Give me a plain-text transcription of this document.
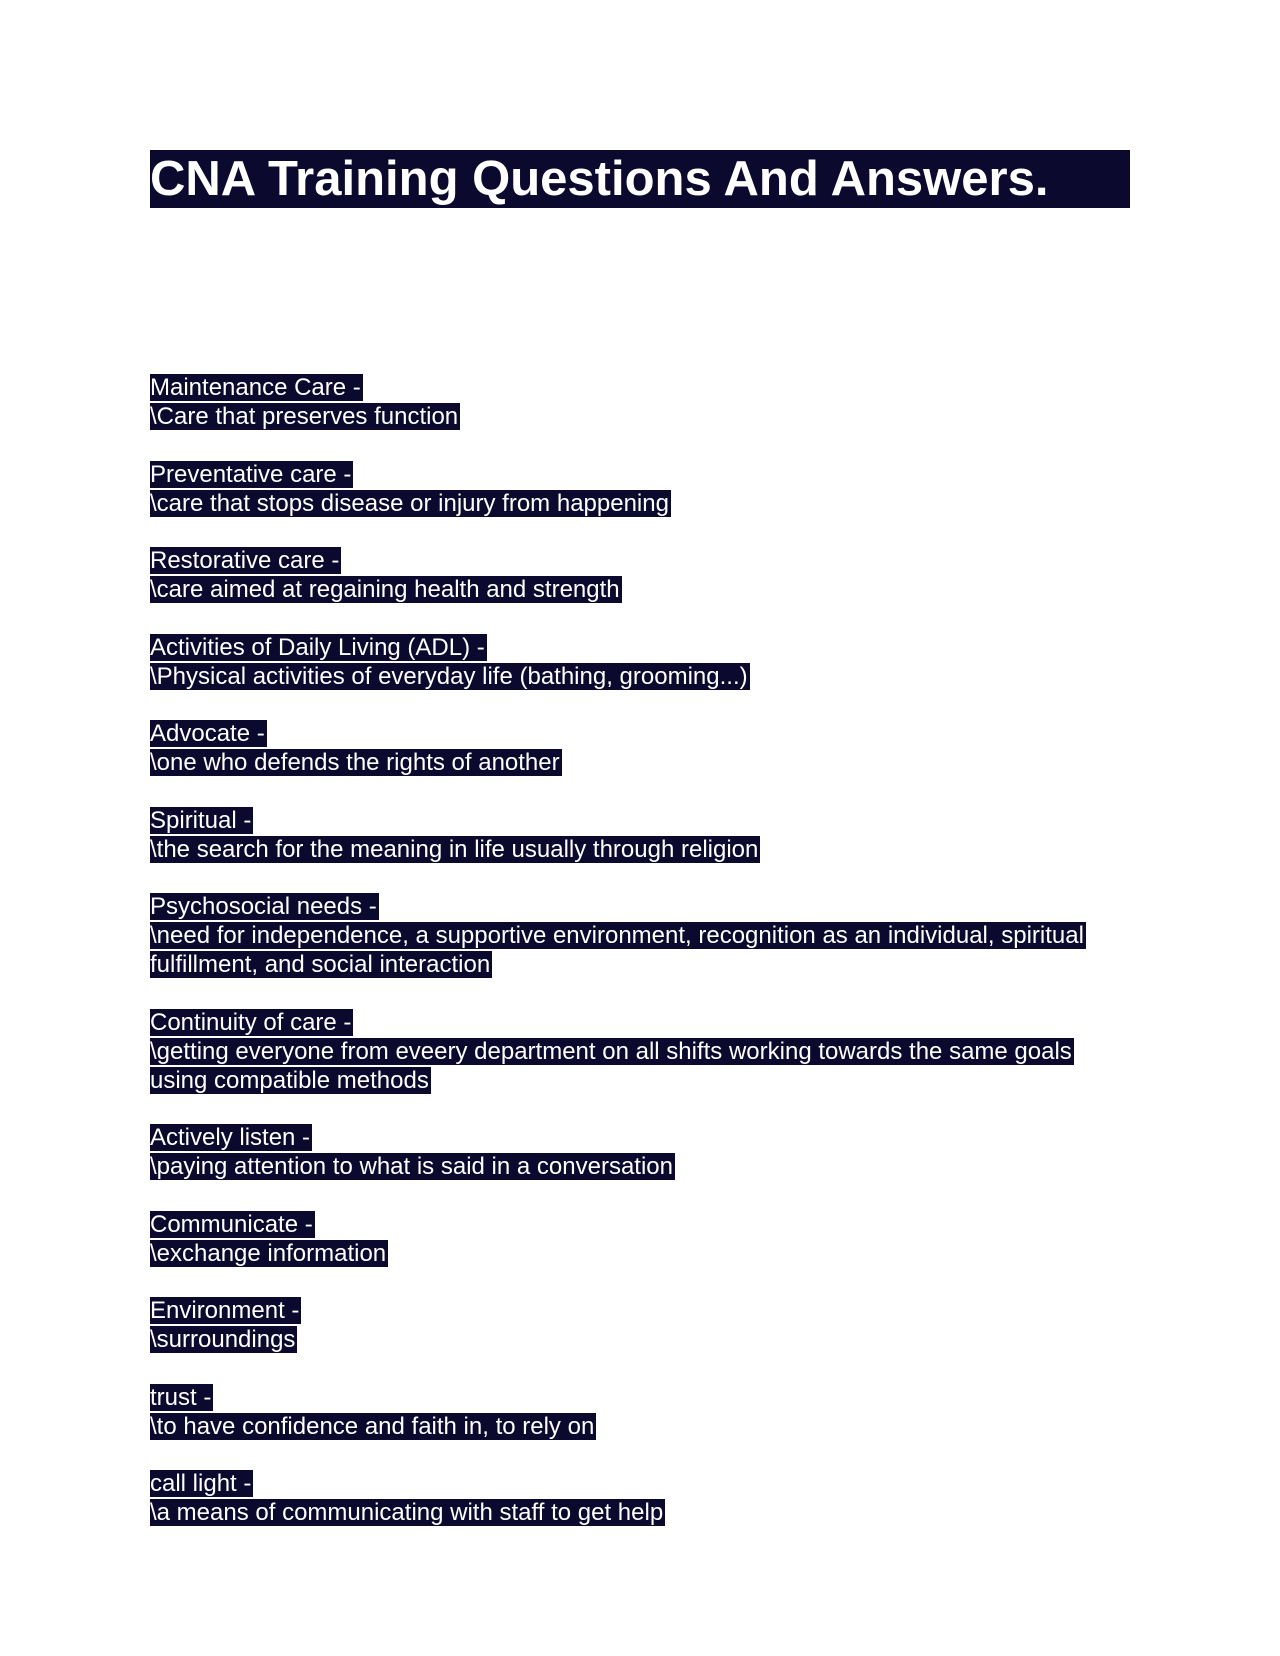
CNA Training Questions And Answers.
Maintenance Care -
\Care that preserves function
Preventative care -
\care that stops disease or injury from happening
Restorative care -
\care aimed at regaining health and strength
Activities of Daily Living (ADL) -
\Physical activities of everyday life (bathing, grooming...)
Advocate -
\one who defends the rights of another
Spiritual -
\the search for the meaning in life usually through religion
Psychosocial needs -
\need for independence, a supportive environment, recognition as an individual, spiritual fulfillment, and social interaction
Continuity of care -
\getting everyone from eveery department on all shifts working towards the same goals using compatible methods
Actively listen -
\paying attention to what is said in a conversation
Communicate -
\exchange information
Environment -
\surroundings
trust -
\to have confidence and faith in, to rely on
call light -
\a means of communicating with staff to get help
